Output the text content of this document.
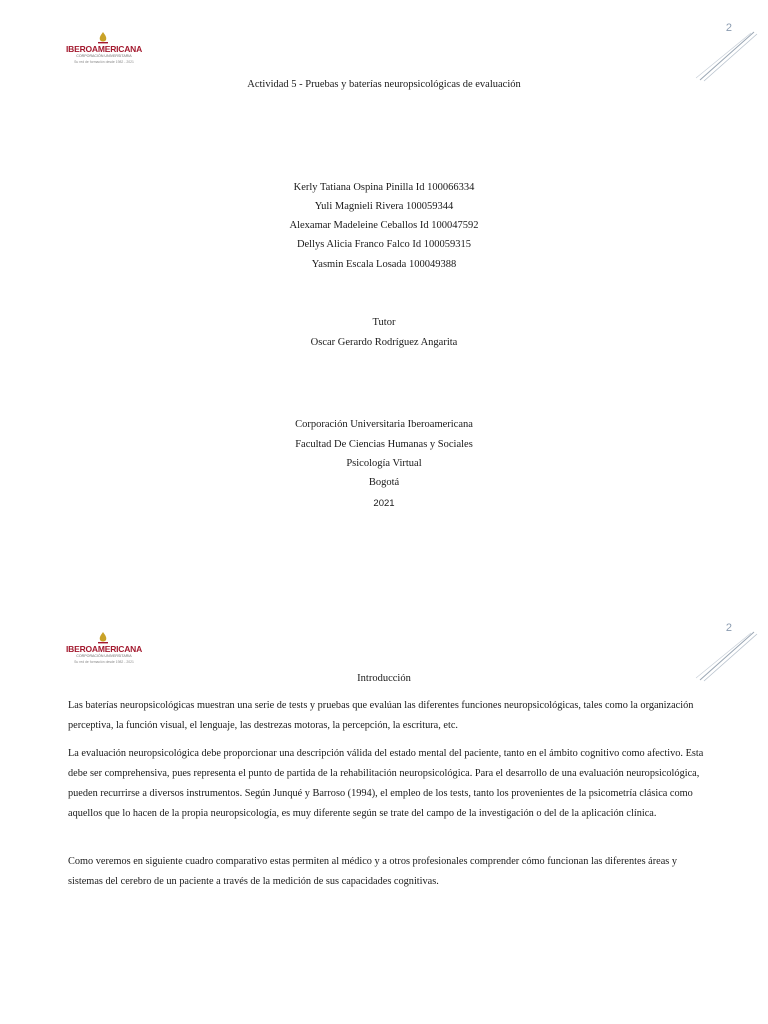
2
IBEROAMERICANA
CORPORACIÓN UNIVERSITARIA
Su red de formación desde 1982 - 2021
Actividad 5 - Pruebas y baterías neuropsicológicas de evaluación
Kerly Tatiana Ospina Pinilla Id 100066334
Yuli Magnieli Rivera 100059344
Alexamar Madeleine Ceballos Id 100047592
Dellys Alicia Franco Falco Id 100059315
Yasmin Escala Losada 100049388
Tutor
Oscar Gerardo Rodríguez Angarita
Corporación Universitaria Iberoamericana
Facultad De Ciencias Humanas y Sociales
Psicología Virtual
Bogotá
2021
2
IBEROAMERICANA
CORPORACIÓN UNIVERSITARIA
Su red de formación desde 1982 - 2021
Introducción

Las baterías neuropsicológicas muestran una serie de tests y pruebas que evalúan las diferentes funciones neuropsicológicas, tales como la organización perceptiva, la función visual, el lenguaje, las destrezas motoras, la percepción, la escritura, etc.

La evaluación neuropsicológica debe proporcionar una descripción válida del estado mental del paciente, tanto en el ámbito cognitivo como afectivo. Esta debe ser comprehensiva, pues representa el punto de partida de la rehabilitación neuropsicológica. Para el desarrollo de una evaluación neuropsicológica, pueden recurrirse a diversos instrumentos. Según Junqué y Barroso (1994), el empleo de los tests, tanto los provenientes de la psicometría clásica como aquellos que lo hacen de la propia neuropsicología, es muy diferente según se trate del campo de la investigación o del de la aplicación clínica.

Como veremos en siguiente cuadro comparativo estas permiten al médico y a otros profesionales comprender cómo funcionan las diferentes áreas y sistemas del cerebro de un paciente a través de la medición de sus capacidades cognitivas.
